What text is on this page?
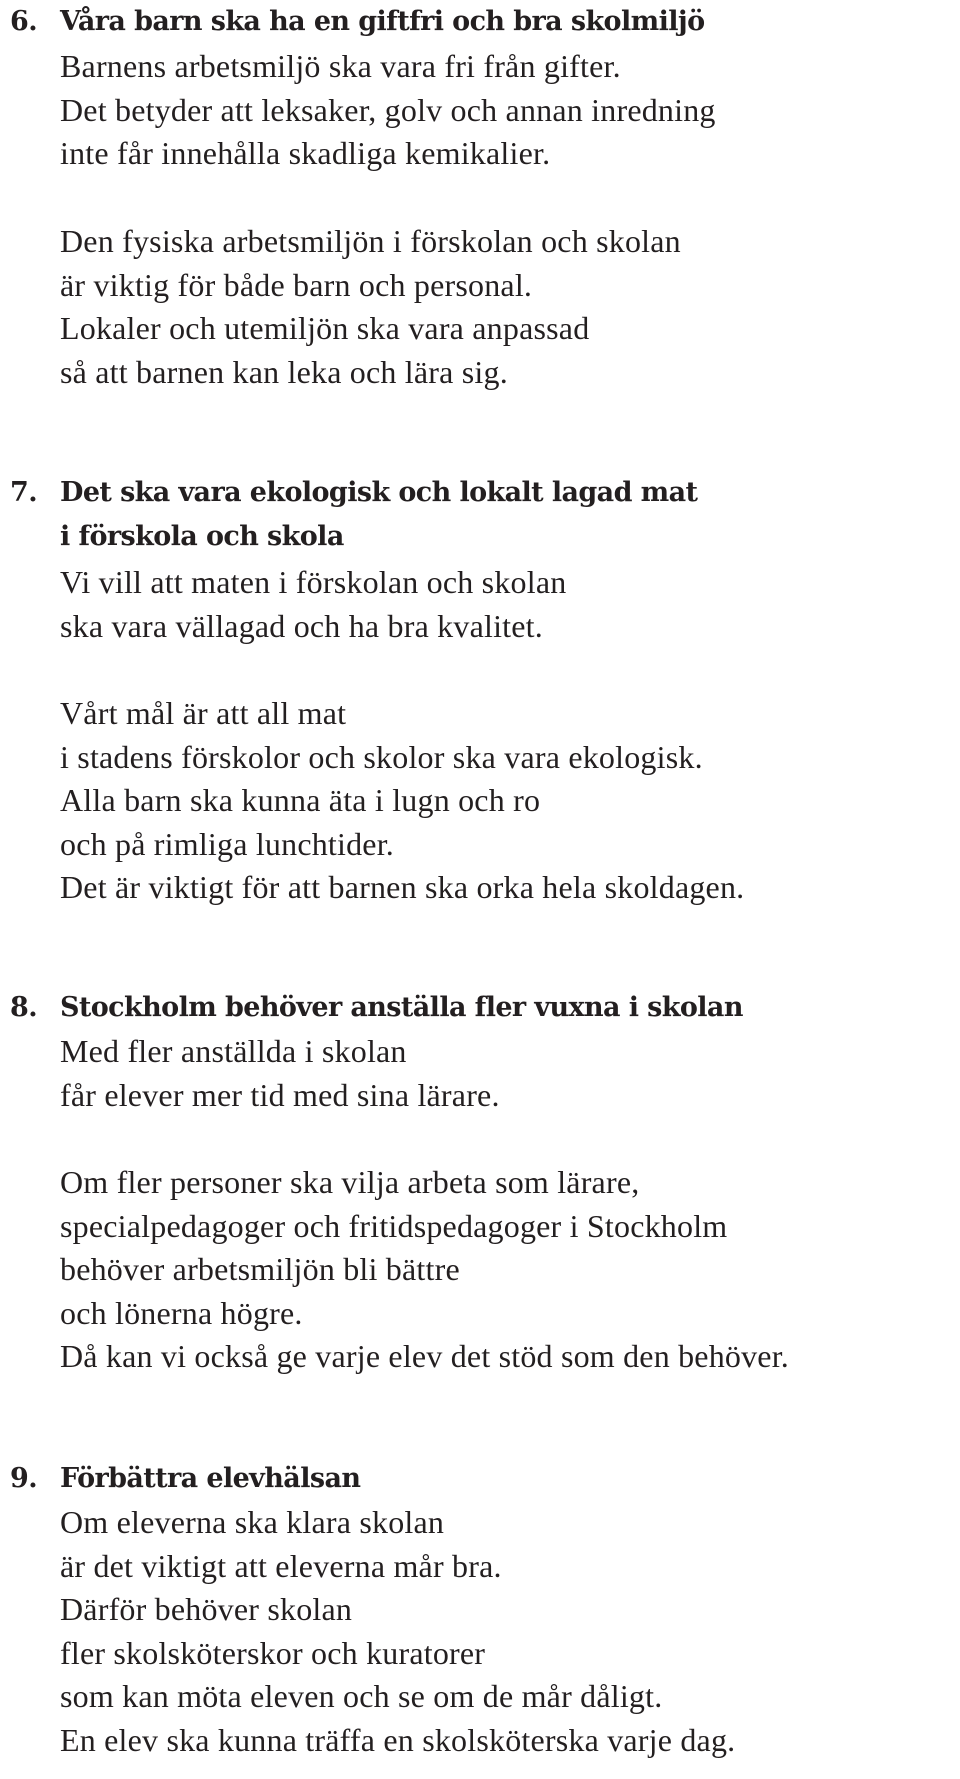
6. Våra barn ska ha en giftfri och bra skolmiljö
Barnens arbetsmiljö ska vara fri från gifter.
Det betyder att leksaker, golv och annan inredning
inte får innehålla skadliga kemikalier.
Den fysiska arbetsmiljön i förskolan och skolan
är viktig för både barn och personal.
Lokaler och utemiljön ska vara anpassad
så att barnen kan leka och lära sig.
7. Det ska vara ekologisk och lokalt lagad mat
i förskola och skola
Vi vill att maten i förskolan och skolan
ska vara vällagad och ha bra kvalitet.
Vårt mål är att all mat
i stadens förskolor och skolor ska vara ekologisk.
Alla barn ska kunna äta i lugn och ro
och på rimliga lunchtider.
Det är viktigt för att barnen ska orka hela skoldagen.
8. Stockholm behöver anställa fler vuxna i skolan
Med fler anställda i skolan
får elever mer tid med sina lärare.
Om fler personer ska vilja arbeta som lärare,
specialpedagoger och fritidspedagoger i Stockholm
behöver arbetsmiljön bli bättre
och lönerna högre.
Då kan vi också ge varje elev det stöd som den behöver.
9. Förbättra elevhälsan
Om eleverna ska klara skolan
är det viktigt att eleverna mår bra.
Därför behöver skolan
fler skolsköterskor och kuratorer
som kan möta eleven och se om de mår dåligt.
En elev ska kunna träffa en skolsköterska varje dag.
